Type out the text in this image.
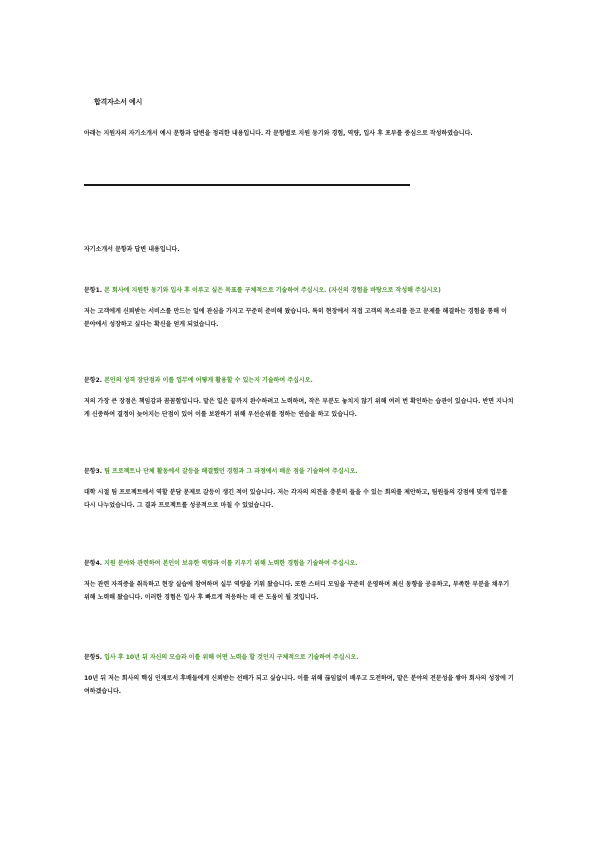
합격자소서 예시
아래는 지원자의 자기소개서 예시 문항과 답변을 정리한 내용입니다. 각 문항별로 지원 동기와 경험, 역량, 입사 후 포부를 중심으로 작성하였습니다.
자기소개서 문항과 답변 내용입니다.

문항1. 본 회사에 지원한 동기와 입사 후 이루고 싶은 목표를 구체적으로 기술하여 주십시오. (자신의 경험을 바탕으로 작성해 주십시오)

저는 고객에게 신뢰받는 서비스를 만드는 일에 관심을 가지고 꾸준히 준비해 왔습니다. 특히 현장에서 직접 고객의 목소리를 듣고 문제를 해결하는 경험을 통해 이 분야에서 성장하고 싶다는 확신을 얻게 되었습니다.

문항2. 본인의 성격 장단점과 이를 업무에 어떻게 활용할 수 있는지 기술하여 주십시오.

저의 가장 큰 장점은 책임감과 꼼꼼함입니다. 맡은 일은 끝까지 완수하려고 노력하며, 작은 부분도 놓치지 않기 위해 여러 번 확인하는 습관이 있습니다. 반면 지나치게 신중하여 결정이 늦어지는 단점이 있어 이를 보완하기 위해 우선순위를 정하는 연습을 하고 있습니다.

문항3. 팀 프로젝트나 단체 활동에서 갈등을 해결했던 경험과 그 과정에서 배운 점을 기술하여 주십시오.

대학 시절 팀 프로젝트에서 역할 분담 문제로 갈등이 생긴 적이 있습니다. 저는 각자의 의견을 충분히 들을 수 있는 회의를 제안하고, 팀원들의 강점에 맞게 업무를 다시 나누었습니다. 그 결과 프로젝트를 성공적으로 마칠 수 있었습니다.

문항4. 지원 분야와 관련하여 본인이 보유한 역량과 이를 키우기 위해 노력한 경험을 기술하여 주십시오.

저는 관련 자격증을 취득하고 현장 실습에 참여하며 실무 역량을 키워 왔습니다. 또한 스터디 모임을 꾸준히 운영하며 최신 동향을 공유하고, 부족한 부분을 채우기 위해 노력해 왔습니다. 이러한 경험은 입사 후 빠르게 적응하는 데 큰 도움이 될 것입니다.

문항5. 입사 후 10년 뒤 자신의 모습과 이를 위해 어떤 노력을 할 것인지 구체적으로 기술하여 주십시오.

10년 뒤 저는 회사의 핵심 인재로서 후배들에게 신뢰받는 선배가 되고 싶습니다. 이를 위해 끊임없이 배우고 도전하며, 맡은 분야의 전문성을 쌓아 회사의 성장에 기여하겠습니다.
